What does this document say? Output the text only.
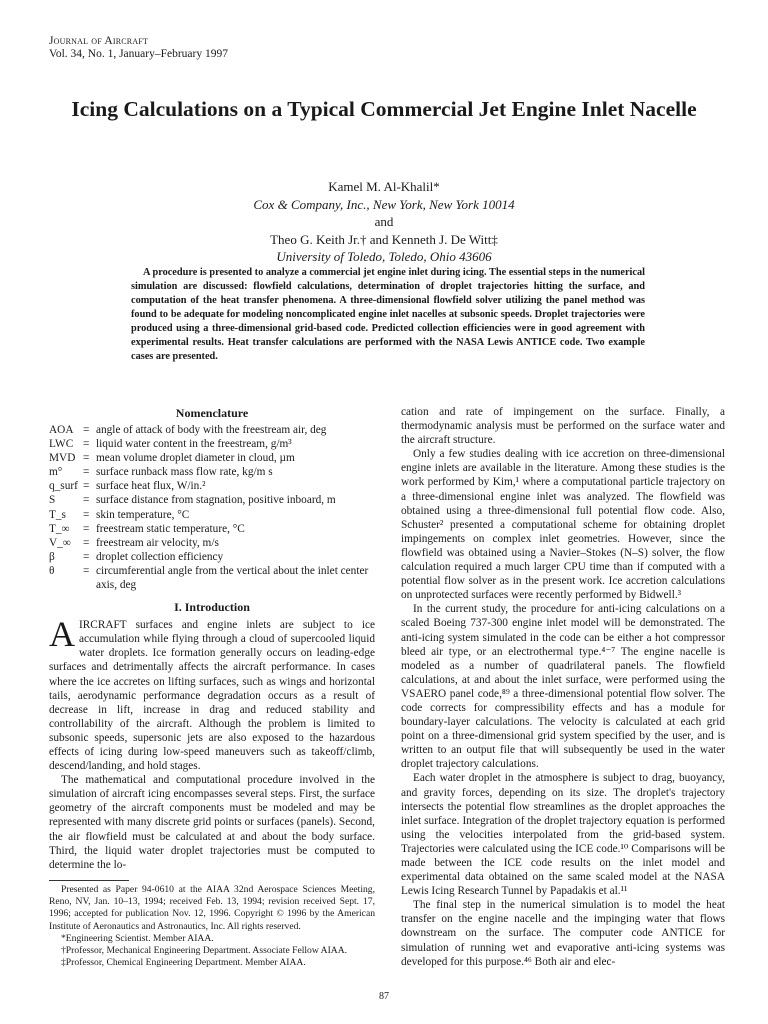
Journal of Aircraft
Vol. 34, No. 1, January–February 1997
Icing Calculations on a Typical Commercial Jet Engine Inlet Nacelle
Kamel M. Al-Khalil*
Cox & Company, Inc., New York, New York 10014
and
Theo G. Keith Jr.† and Kenneth J. De Witt‡
University of Toledo, Toledo, Ohio 43606

A procedure is presented to analyze a commercial jet engine inlet during icing. The essential steps in the numerical simulation are discussed: flowfield calculations, determination of droplet trajectories hitting the surface, and computation of the heat transfer phenomena. A three-dimensional flowfield solver utilizing the panel method was found to be adequate for modeling noncomplicated engine inlet nacelles at subsonic speeds. Droplet trajectories were produced using a three-dimensional grid-based code. Predicted collection efficiencies were in good agreement with experimental results. Heat transfer calculations are performed with the NASA Lewis ANTICE code. Two example cases are presented.

Nomenclature
AOA	=	angle of attack of body with the freestream air, deg
LWC	=	liquid water content in the freestream, g/m³
MVD	=	mean volume droplet diameter in cloud, µm
m°	=	surface runback mass flow rate, kg/m s
q_surf	=	surface heat flux, W/in.²
S	=	surface distance from stagnation, positive inboard, m
T_s	=	skin temperature, °C
T_∞	=	freestream static temperature, °C
V_∞	=	freestream air velocity, m/s
β	=	droplet collection efficiency
θ	=	circumferential angle from the vertical about the inlet center axis, deg
I. Introduction

AIRCRAFT surfaces and engine inlets are subject to ice accumulation while flying through a cloud of supercooled liquid water droplets. Ice formation generally occurs on leading-edge surfaces and detrimentally affects the aircraft performance. In cases where the ice accretes on lifting surfaces, such as wings and horizontal tails, aerodynamic performance degradation occurs as a result of decrease in lift, increase in drag and reduced stability and controllability of the aircraft. Although the problem is limited to subsonic speeds, supersonic jets are also exposed to the hazardous effects of icing during low-speed maneuvers such as takeoff/climb, descend/landing, and hold stages.

The mathematical and computational procedure involved in the simulation of aircraft icing encompasses several steps. First, the surface geometry of the aircraft components must be modeled and may be represented with many discrete grid points or surfaces (panels). Second, the air flowfield must be calculated at and about the body surface. Third, the liquid water droplet trajectories must be computed to determine the lo-

Presented as Paper 94-0610 at the AIAA 32nd Aerospace Sciences Meeting, Reno, NV, Jan. 10–13, 1994; received Feb. 13, 1994; revision received Sept. 17, 1996; accepted for publication Nov. 12, 1996. Copyright © 1996 by the American Institute of Aeronautics and Astronautics, Inc. All rights reserved.

*Engineering Scientist. Member AIAA.

†Professor, Mechanical Engineering Department. Associate Fellow AIAA.

‡Professor, Chemical Engineering Department. Member AIAA.

cation and rate of impingement on the surface. Finally, a thermodynamic analysis must be performed on the surface water and the aircraft structure.

Only a few studies dealing with ice accretion on three-dimensional engine inlets are available in the literature. Among these studies is the work performed by Kim,¹ where a computational particle trajectory on a three-dimensional engine inlet was analyzed. The flowfield was obtained using a three-dimensional full potential flow code. Also, Schuster² presented a computational scheme for obtaining droplet impingements on complex inlet geometries. However, since the flowfield was obtained using a Navier–Stokes (N–S) solver, the flow calculation required a much larger CPU time than if computed with a potential flow solver as in the present work. Ice accretion calculations on unprotected surfaces were recently performed by Bidwell.³

In the current study, the procedure for anti-icing calculations on a scaled Boeing 737-300 engine inlet model will be demonstrated. The anti-icing system simulated in the code can be either a hot compressor bleed air type, or an electrothermal type.⁴⁻⁷ The engine nacelle is modeled as a number of quadrilateral panels. The flowfield calculations, at and about the inlet surface, were performed using the VSAERO panel code,⁸⁹ a three-dimensional potential flow solver. The code corrects for compressibility effects and has a module for boundary-layer calculations. The velocity is calculated at each grid point on a three-dimensional grid system specified by the user, and is written to an output file that will subsequently be used in the water droplet trajectory calculations.

Each water droplet in the atmosphere is subject to drag, buoyancy, and gravity forces, depending on its size. The droplet's trajectory intersects the potential flow streamlines as the droplet approaches the inlet surface. Integration of the droplet trajectory equation is performed using the velocities interpolated from the grid-based system. Trajectories were calculated using the ICE code.¹⁰ Comparisons will be made between the ICE code results on the inlet model and experimental data obtained on the same scaled model at the NASA Lewis Icing Research Tunnel by Papadakis et al.¹¹

The final step in the numerical simulation is to model the heat transfer on the engine nacelle and the impinging water that flows downstream on the surface. The computer code ANTICE for simulation of running wet and evaporative anti-icing systems was developed for this purpose.⁴⁶ Both air and elec-

87
